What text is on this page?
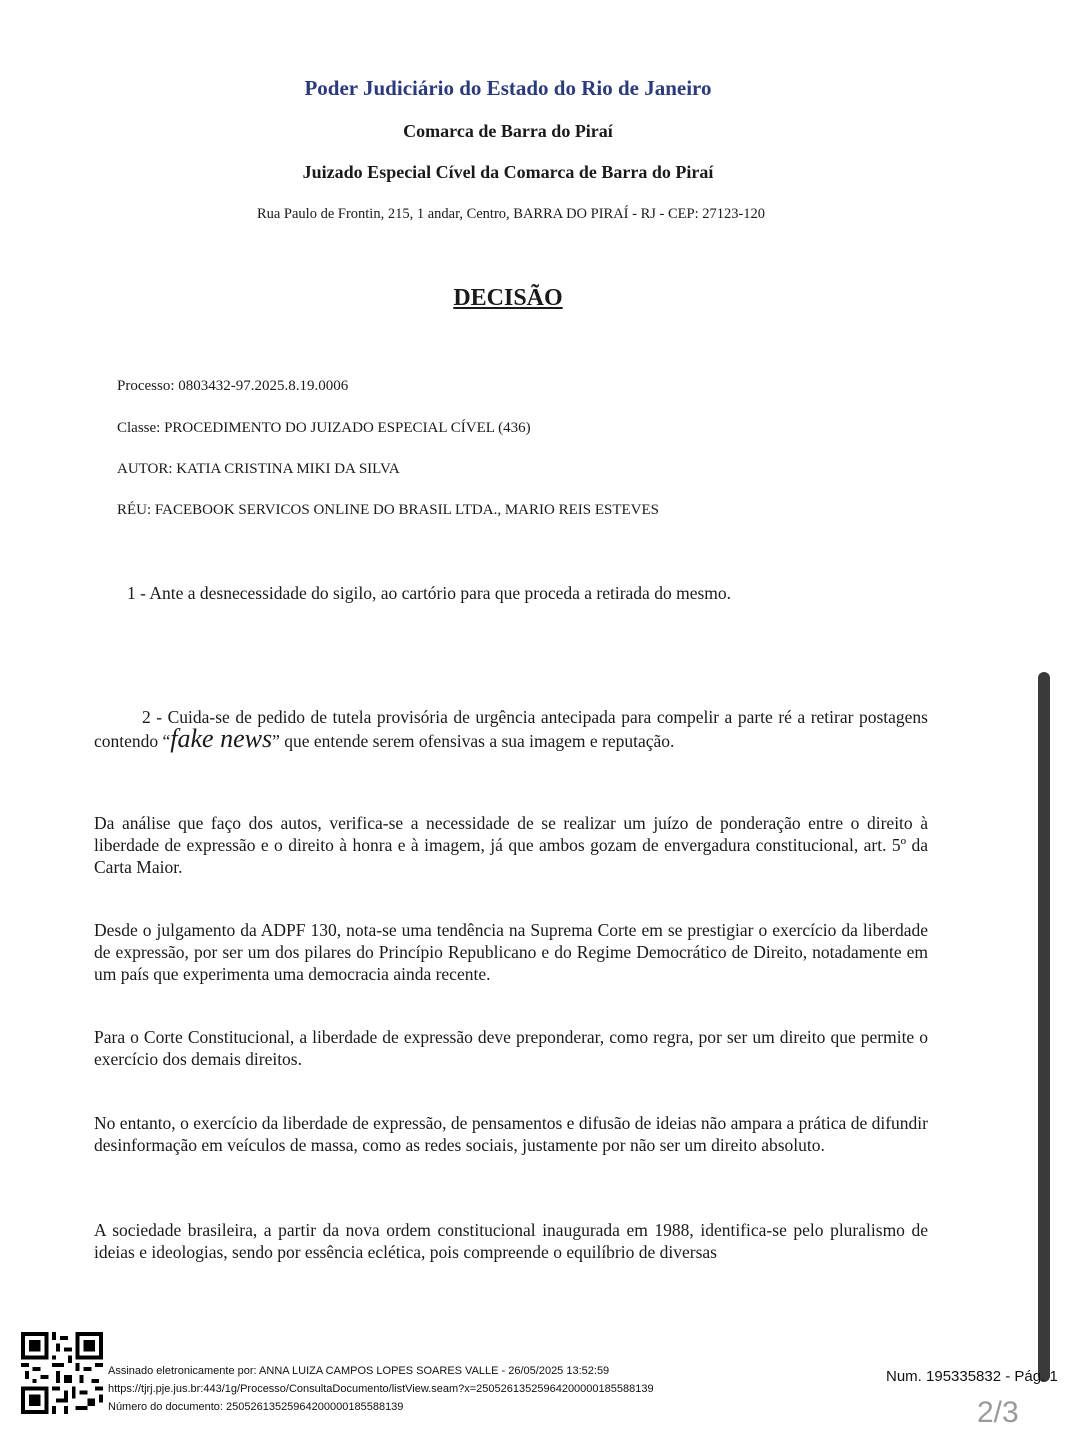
Poder Judiciário do Estado do Rio de Janeiro
Comarca de Barra do Piraí
Juizado Especial Cível da Comarca de Barra do Piraí
Rua Paulo de Frontin, 215, 1 andar, Centro, BARRA DO PIRAÍ - RJ - CEP: 27123-120
DECISÃO
Processo: 0803432-97.2025.8.19.0006
Classe: PROCEDIMENTO DO JUIZADO ESPECIAL CÍVEL (436)
AUTOR: KATIA CRISTINA MIKI DA SILVA
RÉU: FACEBOOK SERVICOS ONLINE DO BRASIL LTDA., MARIO REIS ESTEVES
1 - Ante a desnecessidade do sigilo, ao cartório para que proceda a retirada do mesmo.
2 - Cuida-se de pedido de tutela provisória de urgência antecipada para compelir a parte ré a retirar postagens contendo “fake news” que entende serem ofensivas a sua imagem e reputação.
Da análise que faço dos autos, verifica-se a necessidade de se realizar um juízo de ponderação entre o direito à liberdade de expressão e o direito à honra e à imagem, já que ambos gozam de envergadura constitucional, art. 5º da Carta Maior.
Desde o julgamento da ADPF 130, nota-se uma tendência na Suprema Corte em se prestigiar o exercício da liberdade de expressão, por ser um dos pilares do Princípio Republicano e do Regime Democrático de Direito, notadamente em um país que experimenta uma democracia ainda recente.
Para o Corte Constitucional, a liberdade de expressão deve preponderar, como regra, por ser um direito que permite o exercício dos demais direitos.
No entanto, o exercício da liberdade de expressão, de pensamentos e difusão de ideias não ampara a prática de difundir desinformação em veículos de massa, como as redes sociais, justamente por não ser um direito absoluto.
A sociedade brasileira, a partir da nova ordem constitucional inaugurada em 1988, identifica-se pelo pluralismo de ideias e ideologias, sendo por essência eclética, pois compreende o equilíbrio de diversas
Assinado eletronicamente por: ANNA LUIZA CAMPOS LOPES SOARES VALLE - 26/05/2025 13:52:59
https://tjrj.pje.jus.br:443/1g/Processo/ConsultaDocumento/listView.seam?x=25052613525964200000185588139
Número do documento: 25052613525964200000185588139
Num. 195335832 - Pág. 1
2/3
